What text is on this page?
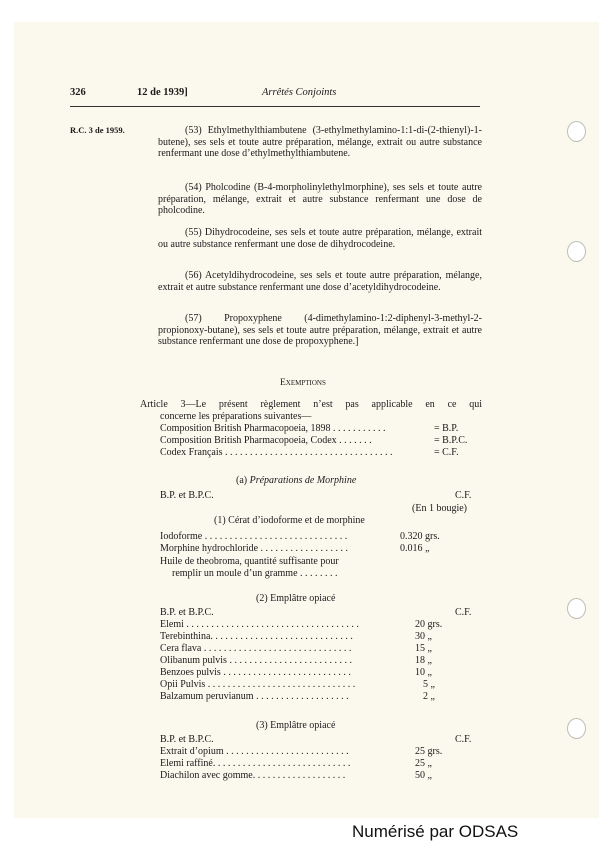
326	12 de 1939]	Arrêtés Conjoints
R.C. 3 de 1959.	(53) Ethylmethylthiambutene (3-ethylmethylamino-1:1-di-(2-thienyl)-1-butene), ses sels et toute autre préparation, mélange, extrait ou autre substance renfermant une dose d’ethylmethylthiambutene.
(54) Pholcodine (B-4-morpholinylethylmorphine), ses sels et toute autre préparation, mélange, extrait et autre substance renfermant une dose de pholcodine.
(55) Dihydrocodeine, ses sels et toute autre préparation, mélange, extrait ou autre substance renfermant une dose de dihydrocodeine.
(56) Acetyldihydrocodeine, ses sels et toute autre préparation, mélange, extrait et autre substance renfermant une dose d’acetyldihydrocodeine.
(57) Propoxyphene (4-dimethylamino-1:2-diphenyl-3-methyl-2-propionoxy-butane), ses sels et toute autre préparation, mélange, extrait et autre substance renfermant une dose de propoxyphene.]
Exemptions
Article 3—Le présent règlement n’est pas applicable en ce qui
concerne les préparations suivantes—
Composition British Pharmacopoeia, 1898 . . . . . . . . . . .	= B.P.
Composition British Pharmacopoeia, Codex . . . . . . .	= B.P.C.
Codex Français . . . . . . . . . . . . . . . . . . . . . . . . . . . . . . . . . .	= C.F.
(a) Préparations de Morphine
B.P. et B.P.C.	C.F.
(En 1 bougie)
(1) Cérat d’iodoforme et de morphine
Iodoforme . . . . . . . . . . . . . . . . . . . . . . . . . . . . .	0.320 grs.
Morphine hydrochloride . . . . . . . . . . . . . . . . . .	0.016 „
Huile de theobroma, quantité suffisante pour
remplir un moule d’un gramme . . . . . . . .
(2) Emplâtre opiacé
B.P. et B.P.C.	C.F.
Elemi . . . . . . . . . . . . . . . . . . . . . . . . . . . . . . . . . . .	20 grs.
Terebinthina. . . . . . . . . . . . . . . . . . . . . . . . . . . . .	30 „
Cera flava . . . . . . . . . . . . . . . . . . . . . . . . . . . . . .	15 „
Olibanum pulvis . . . . . . . . . . . . . . . . . . . . . . . . .	18 „
Benzoes pulvis . . . . . . . . . . . . . . . . . . . . . . . . . .	10 „
Opii Pulvis . . . . . . . . . . . . . . . . . . . . . . . . . . . . . .	5 „
Balzamum peruvianum . . . . . . . . . . . . . . . . . . .	2 „
(3) Emplâtre opiacé
B.P. et B.P.C.	C.F.
Extrait d’opium . . . . . . . . . . . . . . . . . . . . . . . . .	25 grs.
Elemi raffiné. . . . . . . . . . . . . . . . . . . . . . . . . . . .	25 „
Diachilon avec gomme. . . . . . . . . . . . . . . . . . .	50 „
Numérisé par ODSAS
